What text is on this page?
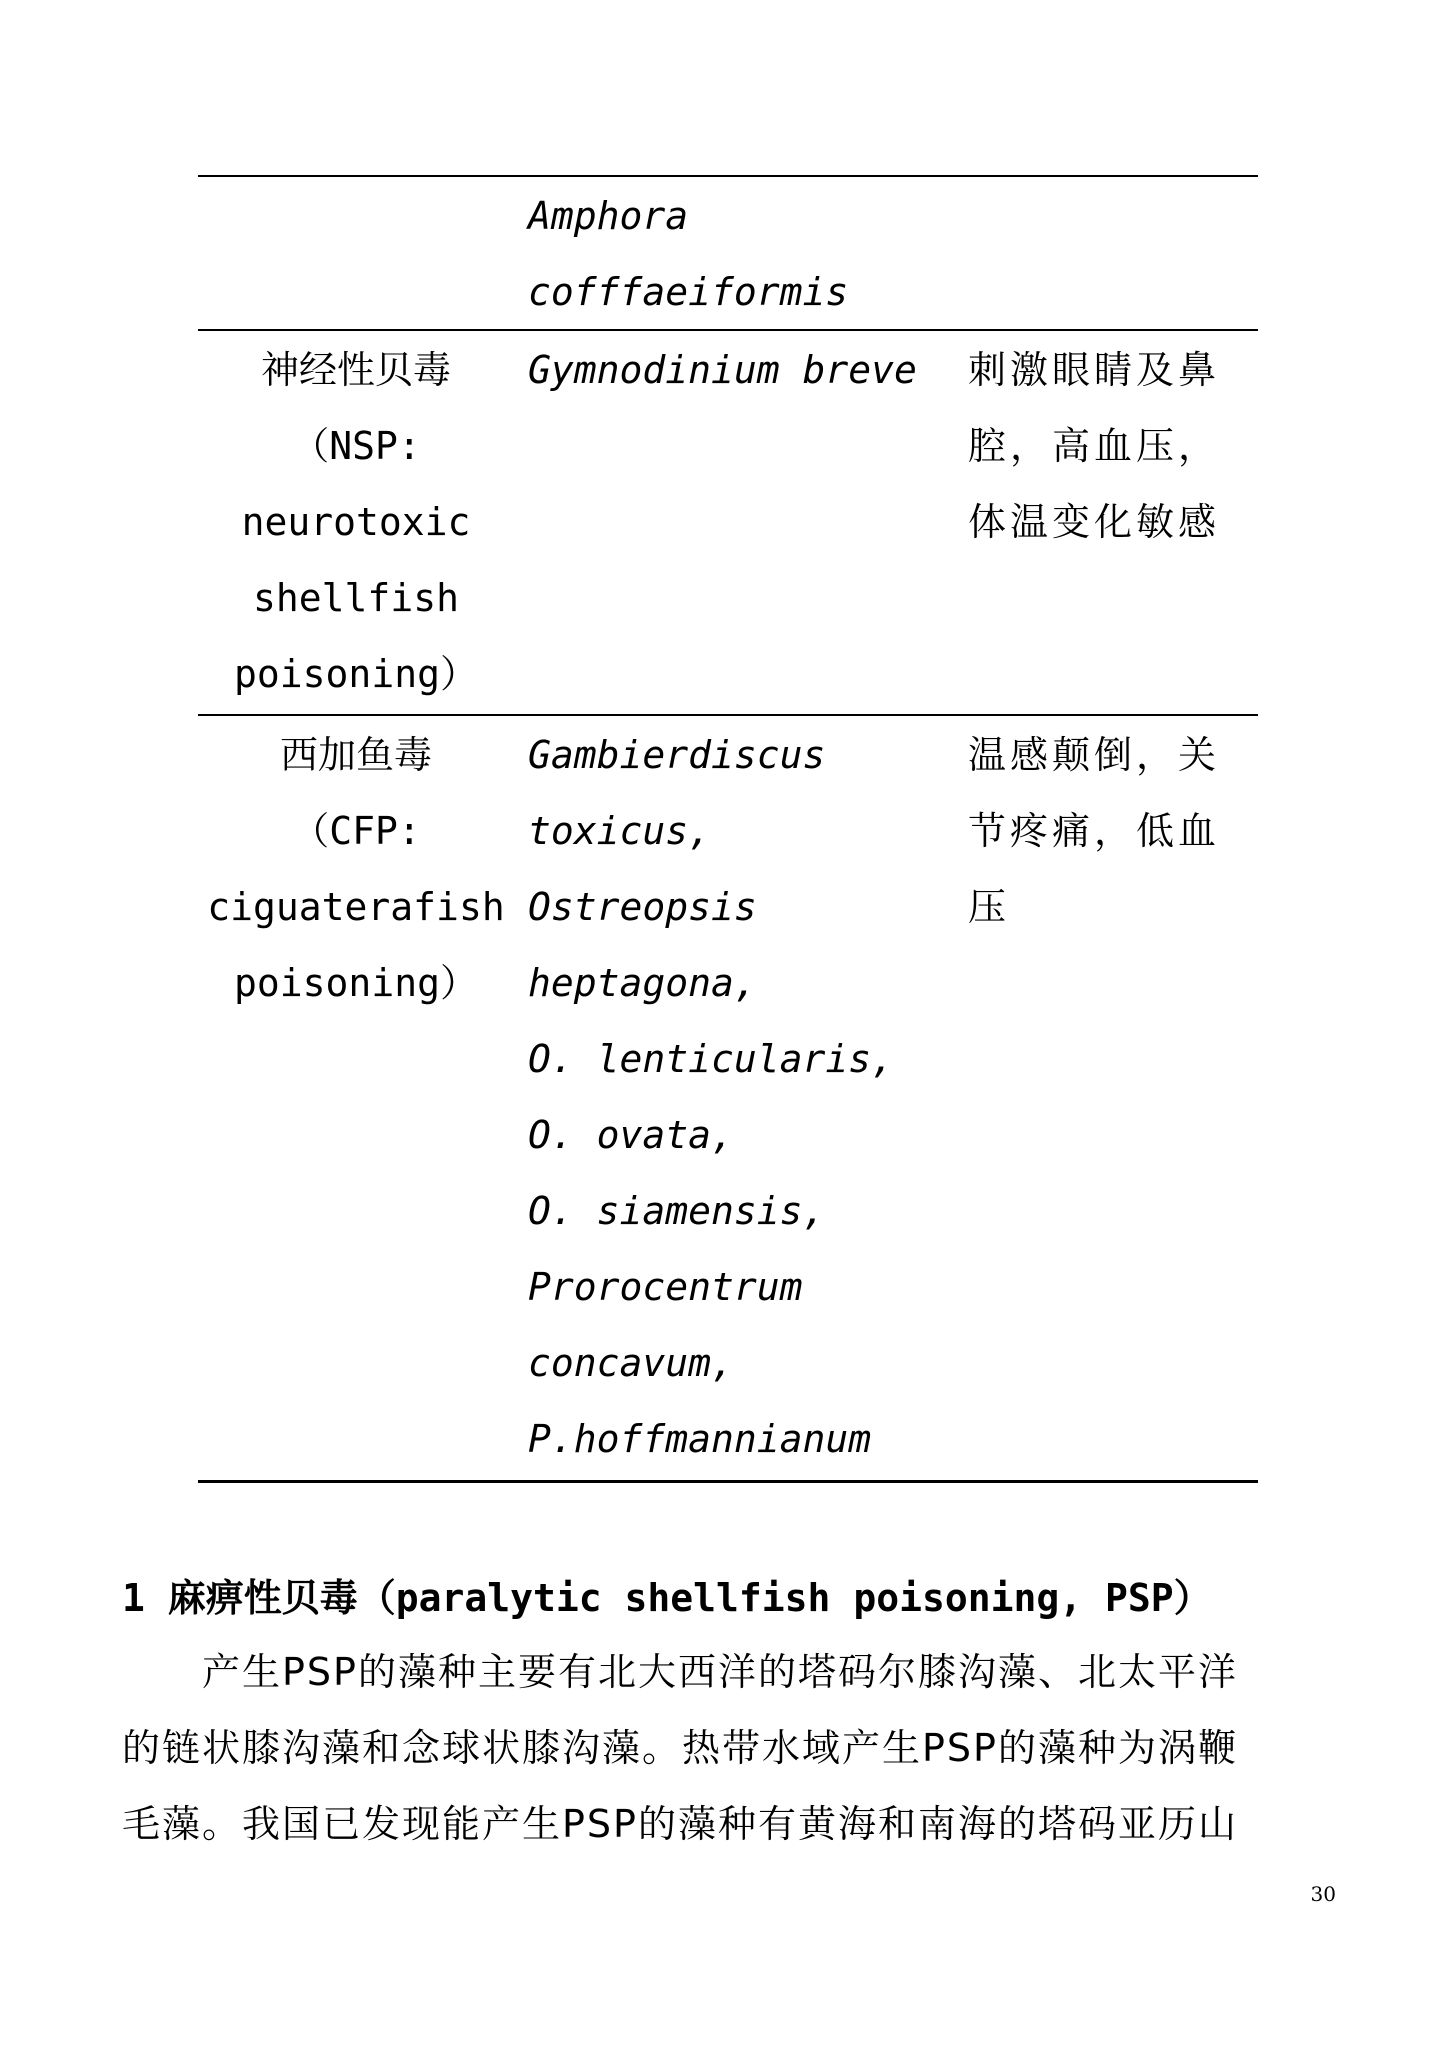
Amphora
cofffaeiformis
神经性贝毒
（NSP:
neurotoxic
shellfish
poisoning）
Gymnodinium breve	刺激眼睛及鼻
腔，高血压，
体温变化敏感
西加鱼毒
（CFP:
ciguaterafish
poisoning）
Gambierdiscus
toxicus,
Ostreopsis
heptagona,
O. lenticularis,
O. ovata,
O. siamensis,
Prorocentrum
concavum,
P.hoffmannianum
温感颠倒，关
节疼痛，低血
压
1 麻痹性贝毒（paralytic shellfish poisoning, PSP）
　　产生PSP的藻种主要有北大西洋的塔码尔膝沟藻、北太平洋
的链状膝沟藻和念球状膝沟藻。热带水域产生PSP的藻种为涡鞭
毛藻。我国已发现能产生PSP的藻种有黄海和南海的塔码亚历山
30
